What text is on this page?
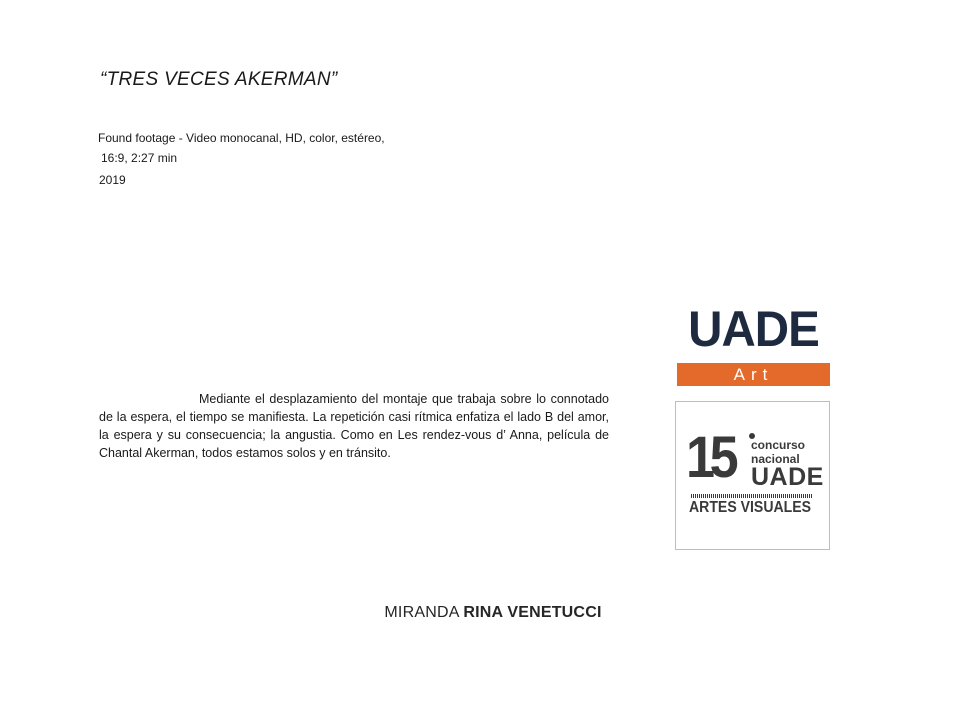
“TRES VECES AKERMAN”
Found footage - Video monocanal, HD, color, estéreo,
16:9, 2:27 min
2019
Mediante el desplazamiento del montaje que trabaja sobre lo connotado de la espera, el tiempo se manifiesta. La repetición casi rítmica enfatiza el lado B del amor, la espera y su consecuencia; la angustia. Como en Les rendez-vous d’ Anna, película de Chantal Akerman, todos estamos solos y en tránsito.
UADE
Art
15 concurso
nacional
UADE
ARTES VISUALES
MIRANDA RINA VENETUCCI
